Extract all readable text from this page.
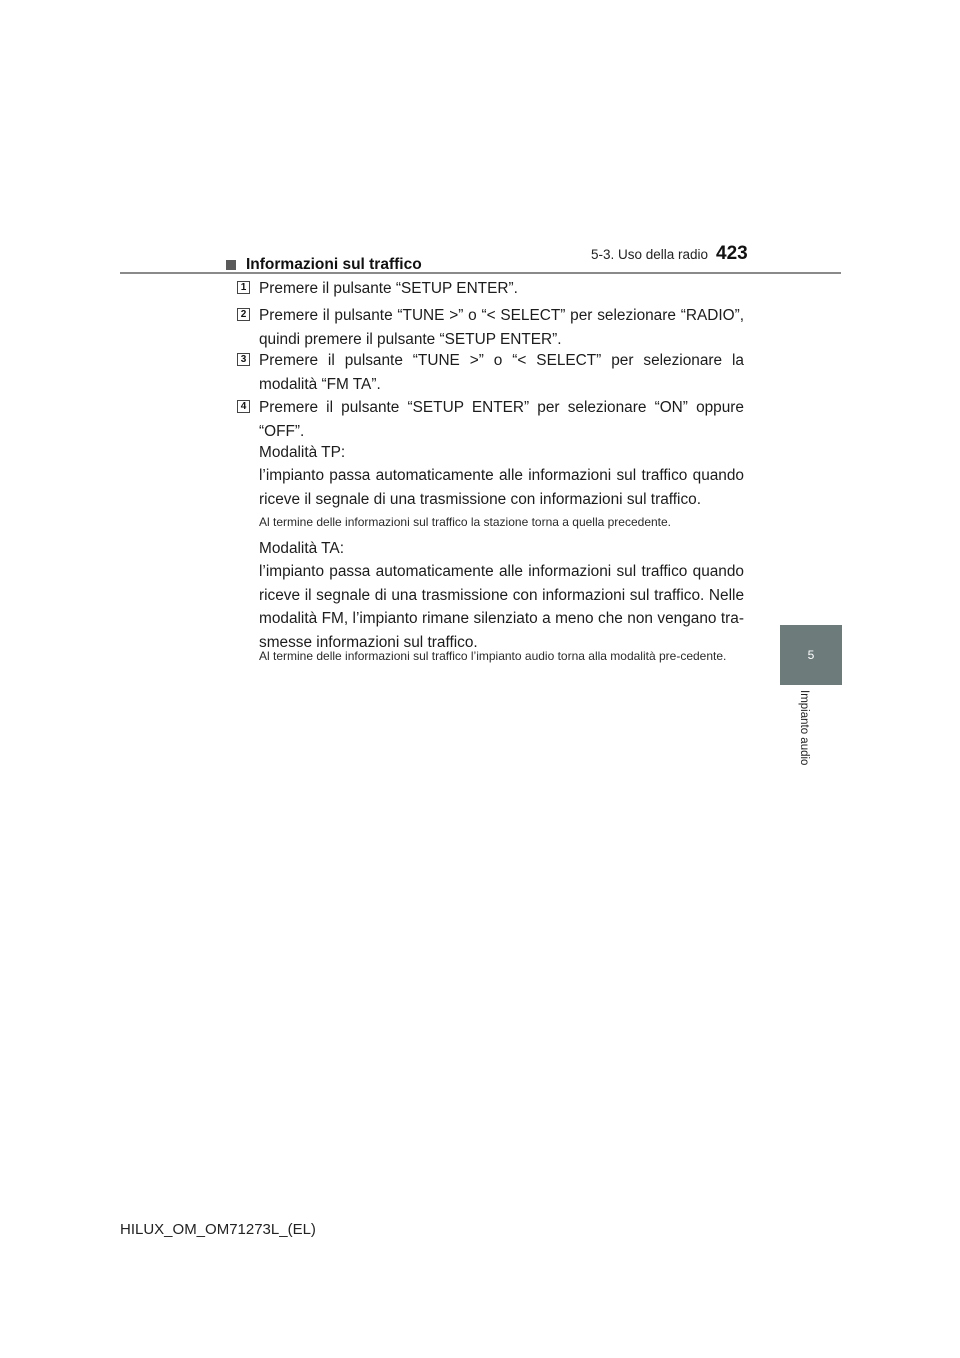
5-3. Uso della radio 423
5
Impianto audio
Informazioni sul traffico
1 Premere il pulsante “SETUP ENTER”.
2 Premere il pulsante “TUNE >” o “< SELECT” per selezionare “RADIO”, quindi premere il pulsante “SETUP ENTER”.
3 Premere il pulsante “TUNE >” o “< SELECT” per selezionare la modalità “FM TA”.
4 Premere il pulsante “SETUP ENTER” per selezionare “ON” oppure “OFF”.
Modalità TP:
l’impianto passa automaticamente alle informazioni sul traffico quando riceve il segnale di una trasmissione con informazioni sul traffico.
Al termine delle informazioni sul traffico la stazione torna a quella precedente.
Modalità TA:
l’impianto passa automaticamente alle informazioni sul traffico quando riceve il segnale di una trasmissione con informazioni sul traffico. Nelle modalità FM, l’impianto rimane silenziato a meno che non vengano tra-smesse informazioni sul traffico.
Al termine delle informazioni sul traffico l’impianto audio torna alla modalità pre-cedente.
HILUX_OM_OM71273L_(EL)
